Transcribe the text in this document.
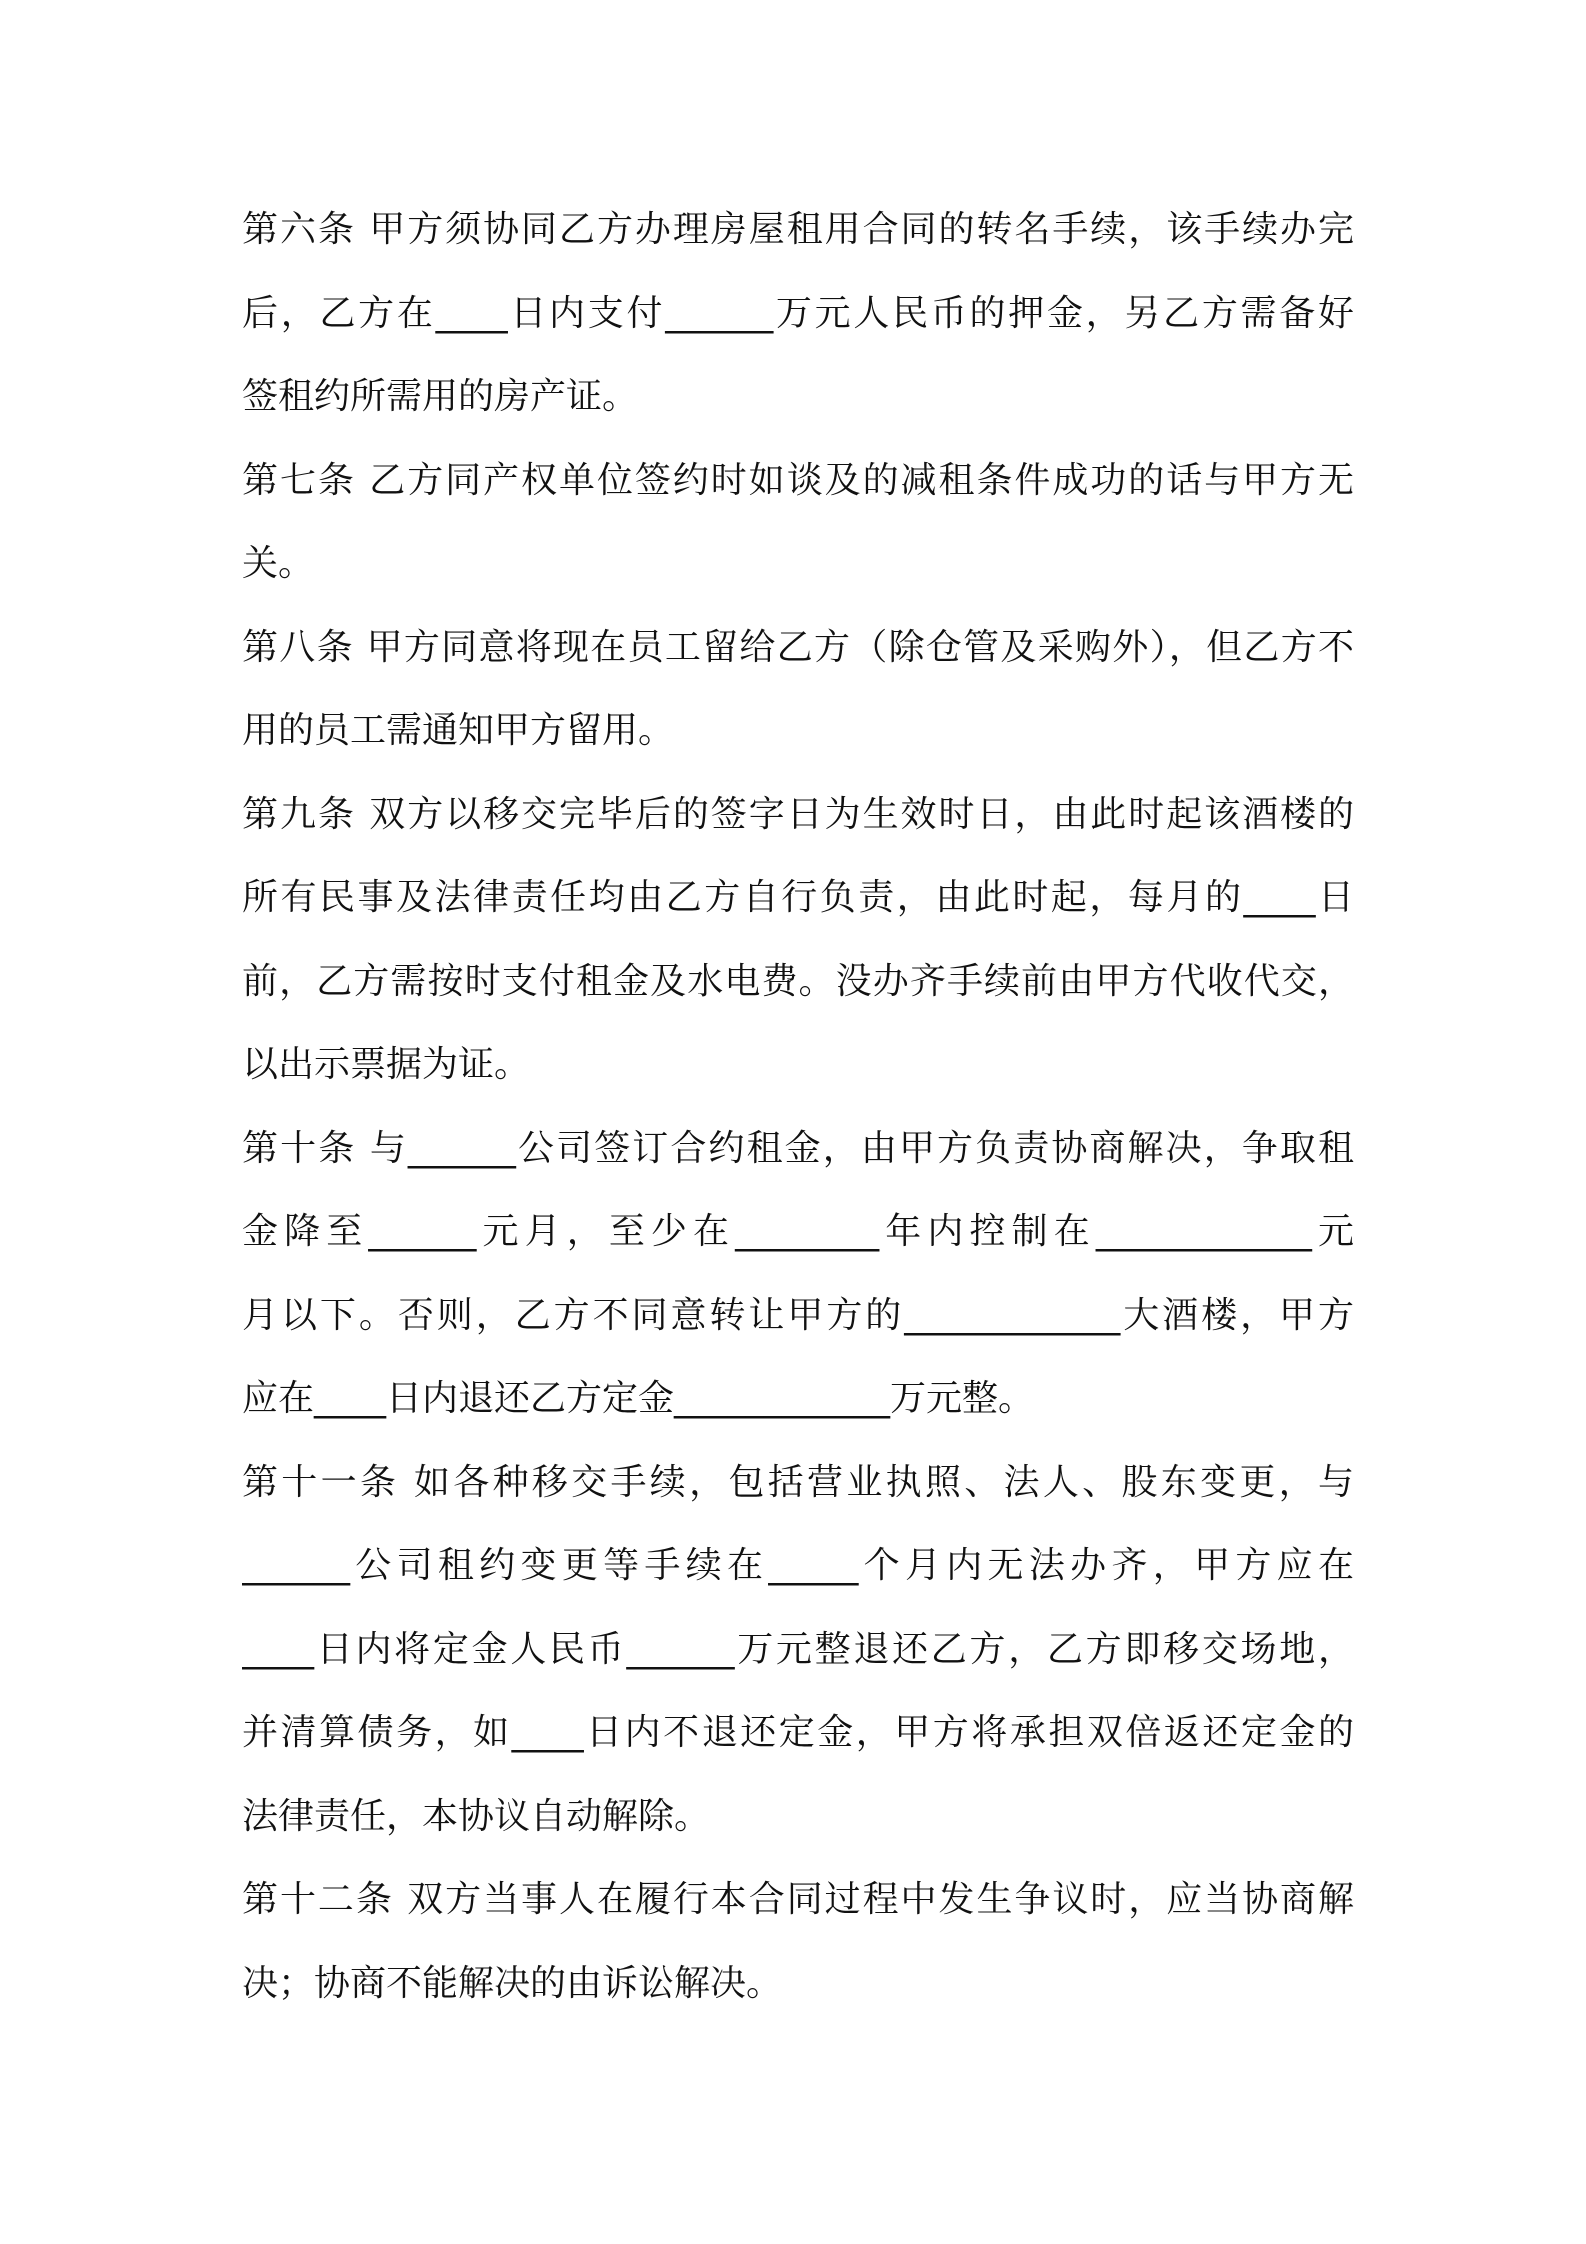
第六条 甲方须协同乙方办理房屋租用合同的转名手续，该手续办完
后，乙方在____日内支付______万元人民币的押金，另乙方需备好
签租约所需用的房产证。
第七条 乙方同产权单位签约时如谈及的减租条件成功的话与甲方无
关。
第八条 甲方同意将现在员工留给乙方（除仓管及采购外），但乙方不
用的员工需通知甲方留用。
第九条 双方以移交完毕后的签字日为生效时日，由此时起该酒楼的
所有民事及法律责任均由乙方自行负责，由此时起，每月的____日
前，乙方需按时支付租金及水电费。没办齐手续前由甲方代收代交，
以出示票据为证。
第十条 与______公司签订合约租金，由甲方负责协商解决，争取租
金降至______元月，至少在________年内控制在____________元
月以下。否则，乙方不同意转让甲方的____________大酒楼，甲方
应在____日内退还乙方定金____________万元整。
第十一条 如各种移交手续，包括营业执照、法人、股东变更，与
______公司租约变更等手续在_____个月内无法办齐，甲方应在
____日内将定金人民币______万元整退还乙方，乙方即移交场地，
并清算债务，如____日内不退还定金，甲方将承担双倍返还定金的
法律责任，本协议自动解除。
第十二条 双方当事人在履行本合同过程中发生争议时，应当协商解
决；协商不能解决的由诉讼解决。
